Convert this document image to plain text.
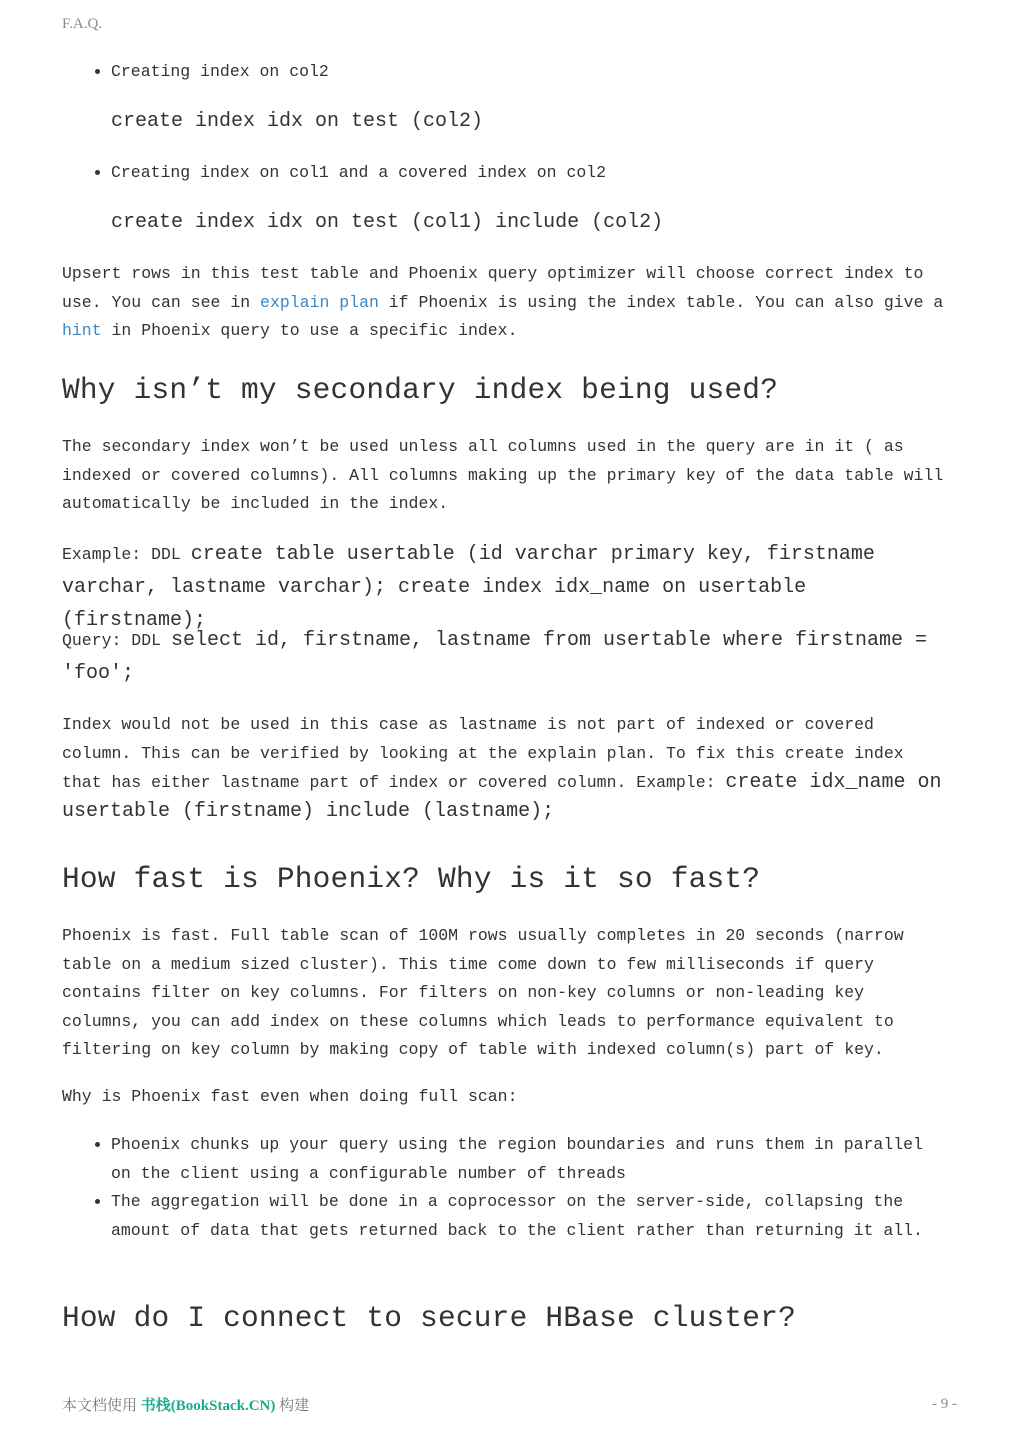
F.A.Q.
• Creating index on col2
create index idx on test (col2)
• Creating index on col1 and a covered index on col2
create index idx on test (col1) include (col2)

Upsert rows in this test table and Phoenix query optimizer will choose correct index to use. You can see in explain plan if Phoenix is using the index table. You can also give a hint in Phoenix query to use a specific index.

Why isn’t my secondary index being used?

The secondary index won’t be used unless all columns used in the query are in it ( as indexed or covered columns). All columns making up the primary key of the data table will automatically be included in the index.

Example: DDL create table usertable (id varchar primary key, firstname varchar, lastname varchar); create index idx_name on usertable (firstname);

Query: DDL select id, firstname, lastname from usertable where firstname = 'foo';

Index would not be used in this case as lastname is not part of indexed or covered column. This can be verified by looking at the explain plan. To fix this create index that has either lastname part of index or covered column. Example: create idx_name on usertable (firstname) include (lastname);

How fast is Phoenix? Why is it so fast?

Phoenix is fast. Full table scan of 100M rows usually completes in 20 seconds (narrow table on a medium sized cluster). This time come down to few milliseconds if query contains filter on key columns. For filters on non-key columns or non-leading key columns, you can add index on these columns which leads to performance equivalent to filtering on key column by making copy of table with indexed column(s) part of key.

Why is Phoenix fast even when doing full scan:

• Phoenix chunks up your query using the region boundaries and runs them in parallel on the client using a configurable number of threads
• The aggregation will be done in a coprocessor on the server-side, collapsing the amount of data that gets returned back to the client rather than returning it all.
How do I connect to secure HBase cluster?
本文档使用 书栈(BookStack.CN) 构建	- 9 -
